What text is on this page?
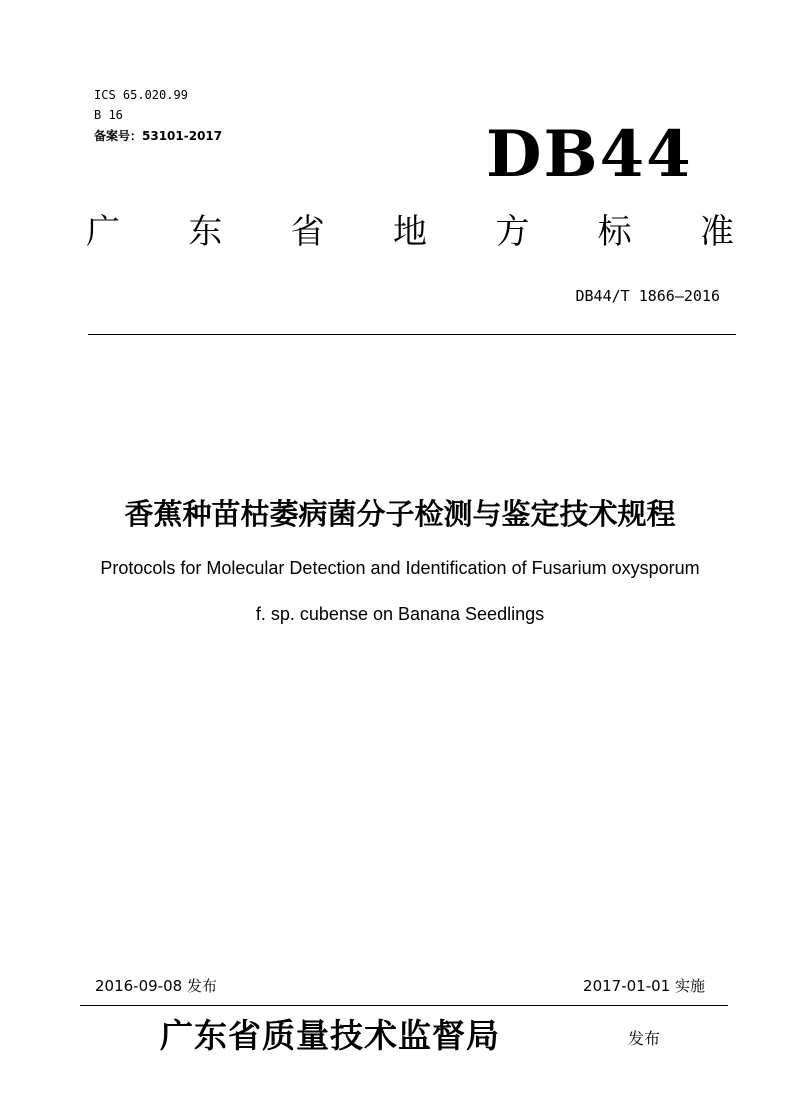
ICS 65.020.99
B 16
备案号：53101-2017	DB44
广 东 省 地 方 标 准
DB44/T 1866—2016
香蕉种苗枯萎病菌分子检测与鉴定技术规程
Protocols for Molecular Detection and Identification of Fusarium oxysporum
f. sp. cubense on Banana Seedlings
2016-09-08 发布	2017-01-01 实施
广东省质量技术监督局	发布
